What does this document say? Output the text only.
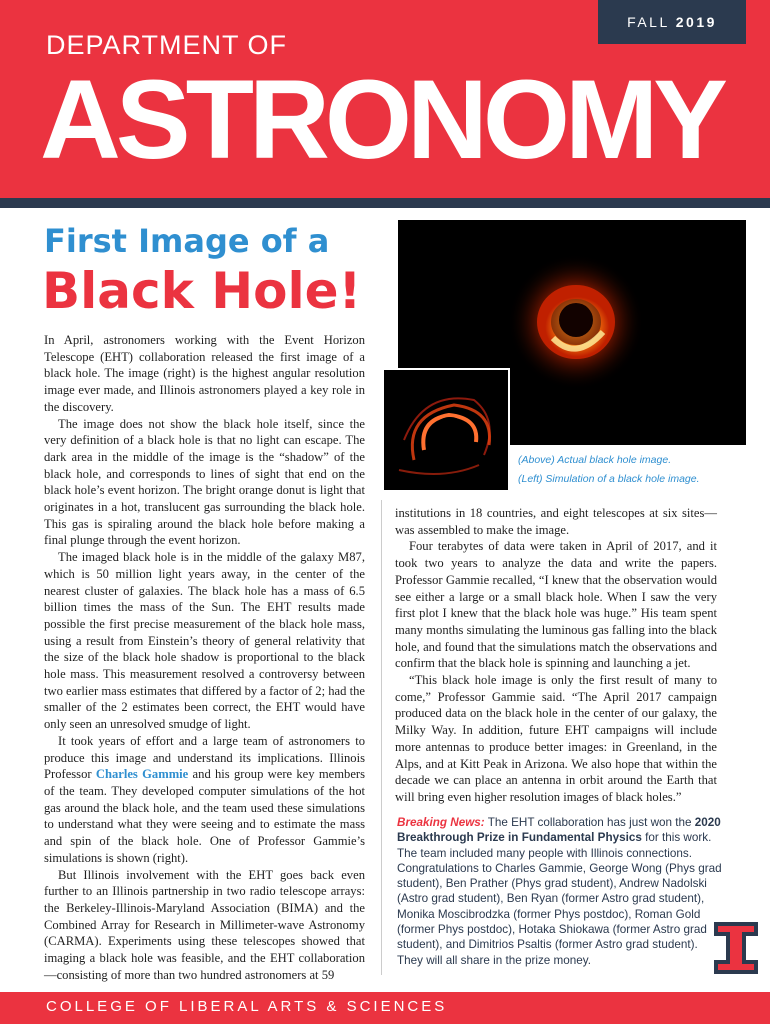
FALL 2019
DEPARTMENT OF
ASTRONOMY
First Image of a
Black Hole!

In April, astronomers working with the Event Horizon Telescope (EHT) collaboration released the first image of a black hole. The image (right) is the highest angular resolution image ever made, and Illinois astronomers played a key role in the discovery.

The image does not show the black hole itself, since the very definition of a black hole is that no light can escape. The dark area in the middle of the image is the “shadow” of the black hole, and corresponds to lines of sight that end on the black hole’s event horizon. The bright orange donut is light that originates in a hot, translucent gas surrounding the black hole. This gas is spiraling around the black hole before making a final plunge through the event horizon.

The imaged black hole is in the middle of the galaxy M87, which is 50 million light years away, in the center of the nearest cluster of galaxies. The black hole has a mass of 6.5 billion times the mass of the Sun. The EHT results made possible the first precise measurement of the black hole mass, using a result from Einstein’s theory of general relativity that the size of the black hole shadow is proportional to the black hole mass. This measurement resolved a controversy between two earlier mass estimates that differed by a factor of 2; had the smaller of the 2 estimates been correct, the EHT would have only seen an unresolved smudge of light.

It took years of effort and a large team of astronomers to produce this image and understand its implications. Illinois Professor Charles Gammie and his group were key members of the team. They developed computer simulations of the hot gas around the black hole, and the team used these simulations to understand what they were seeing and to estimate the mass and spin of the black hole. One of Professor Gammie’s simulations is shown (right).

But Illinois involvement with the EHT goes back even further to an Illinois partnership in two radio telescope arrays: the Berkeley-Illinois-Maryland Association (BIMA) and the Combined Array for Research in Millimeter-wave Astronomy (CARMA). Experiments using these telescopes showed that imaging a black hole was feasible, and the EHT collaboration—consisting of more than two hundred astronomers at 59

(Above) Actual black hole image.
(Left) Simulation of a black hole image.

institutions in 18 countries, and eight telescopes at six sites—was assembled to make the image.

Four terabytes of data were taken in April of 2017, and it took two years to analyze the data and write the papers. Professor Gammie recalled, “I knew that the observation would see either a large or a small black hole. When I saw the very first plot I knew that the black hole was huge.” His team spent many months simulating the luminous gas falling into the black hole, and found that the simulations match the observations and confirm that the black hole is spinning and launching a jet.

“This black hole image is only the first result of many to come,” Professor Gammie said. “The April 2017 campaign produced data on the black hole in the center of our galaxy, the Milky Way. In addition, future EHT campaigns will include more antennas to produce better images: in Greenland, in the Alps, and at Kitt Peak in Arizona. We also hope that within the decade we can place an antenna in orbit around the Earth that will bring even higher resolution images of black holes.”

Breaking News: The EHT collaboration has just won the 2020 Breakthrough Prize in Fundamental Physics for this work. The team included many people with Illinois connections. Congratulations to Charles Gammie, George Wong (Phys grad student), Ben Prather (Phys grad student), Andrew Nadolski (Astro grad student), Ben Ryan (former Astro grad student), Monika Moscibrodzka (former Phys postdoc), Roman Gold (former Phys postdoc), Hotaka Shiokawa (former Astro grad student), and Dimitrios Psaltis (former Astro grad student). They will all share in the prize money.
COLLEGE OF LIBERAL ARTS & SCIENCES
